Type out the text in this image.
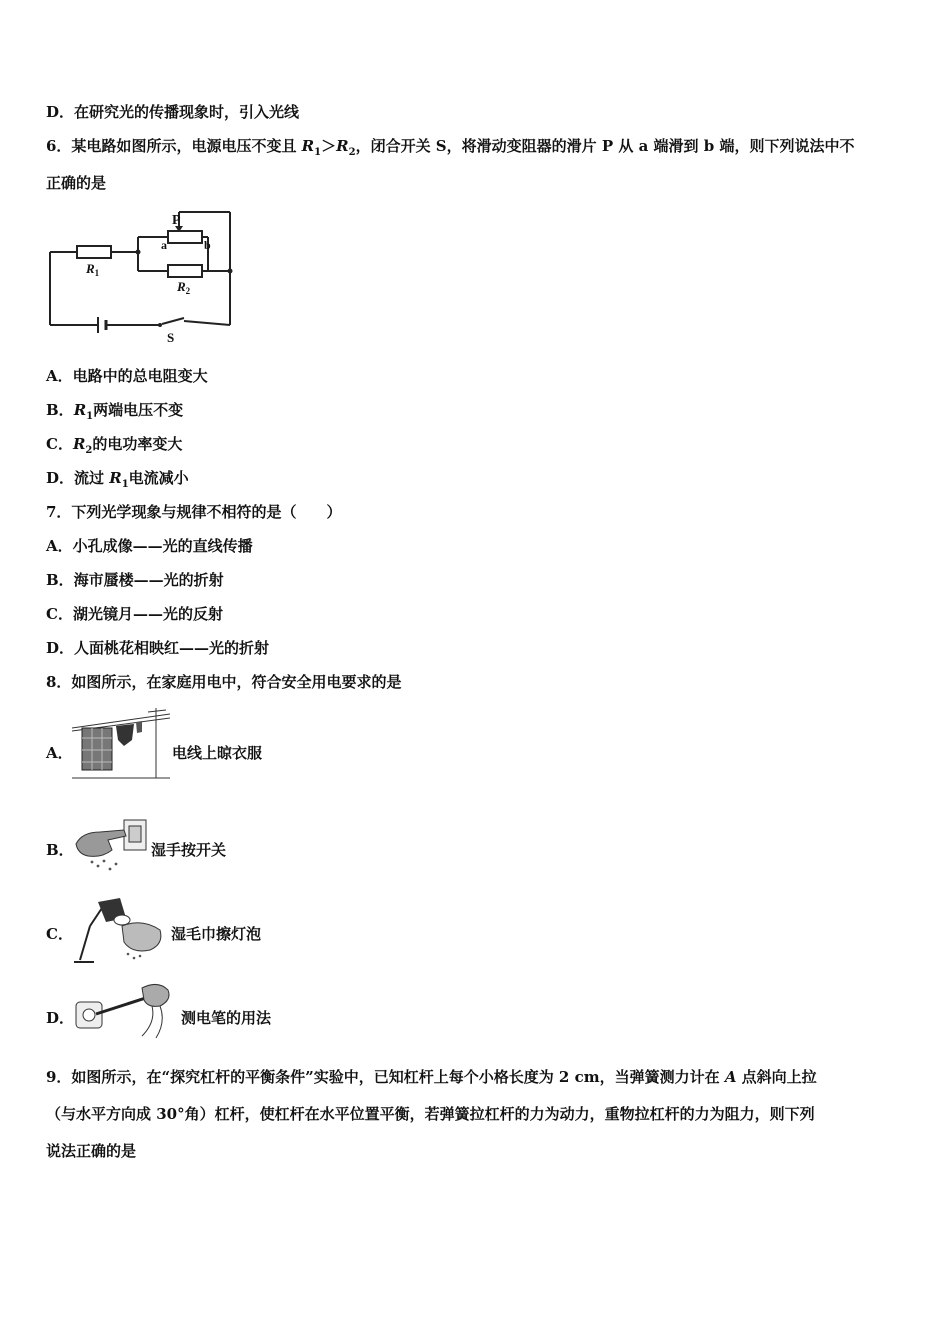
D．在研究光的传播现象时，引入光线
6．某电路如图所示，电源电压不变且 $R_1>R_2$，闭合开关 S，将滑动变阻器的滑片 P 从 a 端滑到 b 端，则下列说法中不
正确的是
P
a	b
$R_1$
$R_2$
S
A．电路中的总电阻变大
B．$R_1$两端电压不变
C．$R_2$的电功率变大
D．流过 $R_1$电流减小
7．下列光学现象与规律不相符的是（　　）
A．小孔成像——光的直线传播
B．海市蜃楼——光的折射
C．湖光镜月——光的反射
D．人面桃花相映红——光的折射
8．如图所示，在家庭用电中，符合安全用电要求的是
A．	电线上晾衣服
B．	湿手按开关
C．	湿毛巾擦灯泡
D．	测电笔的用法
9．如图所示，在“探究杠杆的平衡条件”实验中，已知杠杆上每个小格长度为 2 cm，当弹簧测力计在 A 点斜向上拉
（与水平方向成 30°角）杠杆，使杠杆在水平位置平衡，若弹簧拉杠杆的力为动力，重物拉杠杆的力为阻力，则下列
说法正确的是
